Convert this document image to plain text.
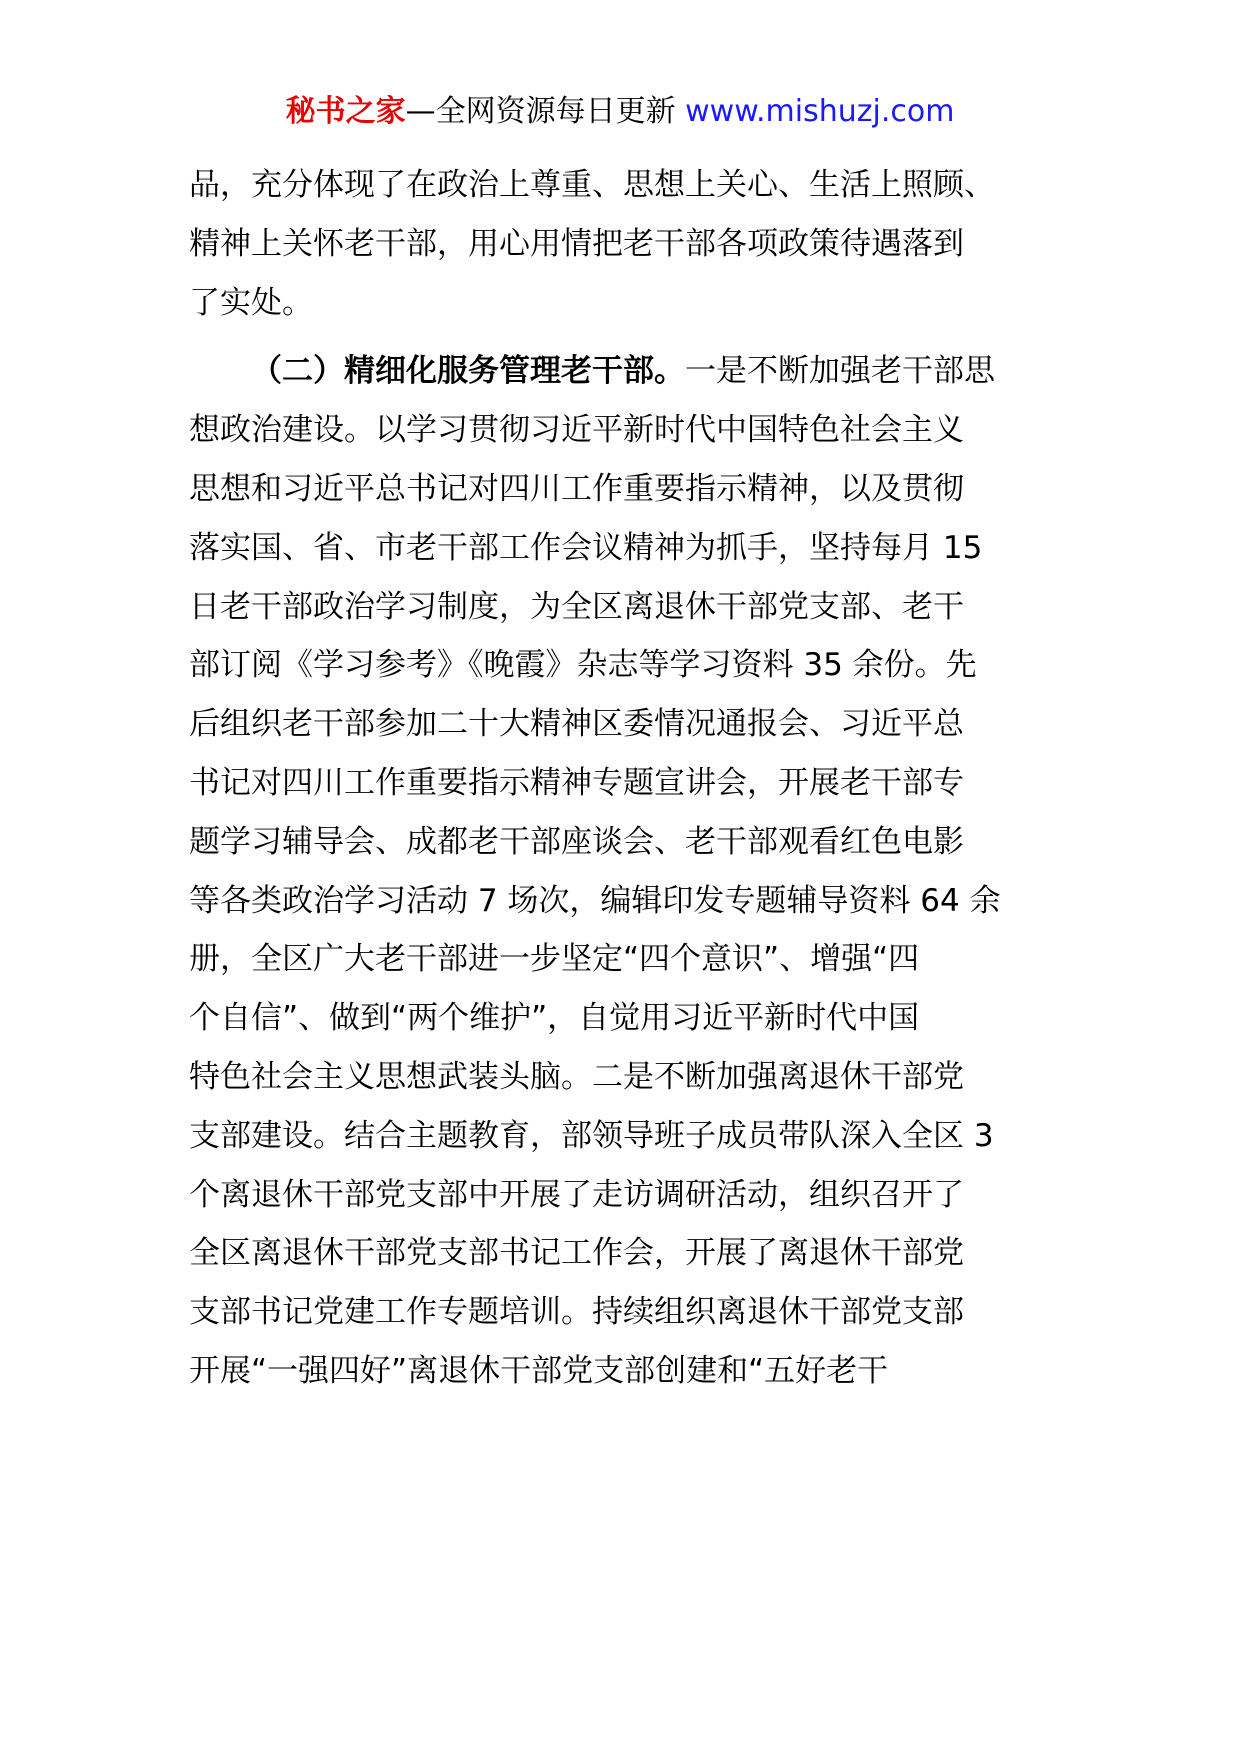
秘书之家—全网资源每日更新 www.mishuzj.com
品，充分体现了在政治上尊重、思想上关心、生活上照顾、
精神上关怀老干部，用心用情把老干部各项政策待遇落到
了实处。
（二）精细化服务管理老干部。一是不断加强老干部思
想政治建设。以学习贯彻习近平新时代中国特色社会主义
思想和习近平总书记对四川工作重要指示精神，以及贯彻
落实国、省、市老干部工作会议精神为抓手，坚持每月 15
日老干部政治学习制度，为全区离退休干部党支部、老干
部订阅《学习参考》《晚霞》杂志等学习资料 35 余份。先
后组织老干部参加二十大精神区委情况通报会、习近平总
书记对四川工作重要指示精神专题宣讲会，开展老干部专
题学习辅导会、成都老干部座谈会、老干部观看红色电影
等各类政治学习活动 7 场次，编辑印发专题辅导资料 64 余
册，全区广大老干部进一步坚定“四个意识”、增强“四
个自信”、做到“两个维护”，自觉用习近平新时代中国
特色社会主义思想武装头脑。二是不断加强离退休干部党
支部建设。结合主题教育，部领导班子成员带队深入全区 3
个离退休干部党支部中开展了走访调研活动，组织召开了
全区离退休干部党支部书记工作会，开展了离退休干部党
支部书记党建工作专题培训。持续组织离退休干部党支部
开展“一强四好”离退休干部党支部创建和“五好老干
